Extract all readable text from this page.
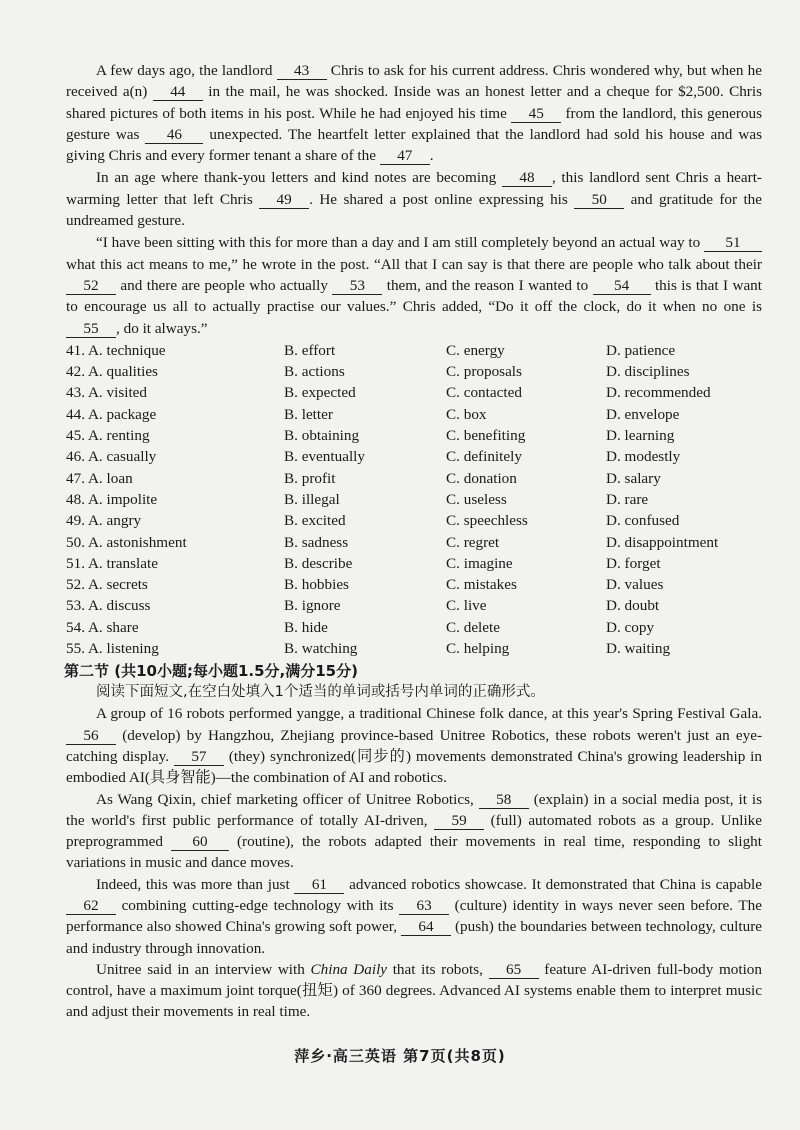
A few days ago, the landlord 43 Chris to ask for his current address. Chris wondered why, but when he received a(n) 44 in the mail, he was shocked. Inside was an honest letter and a cheque for $2,500. Chris shared pictures of both items in his post. While he had enjoyed his time 45 from the landlord, this generous gesture was 46 unexpected. The heartfelt letter explained that the landlord had sold his house and was giving Chris and every former tenant a share of the 47 .

In an age where thank-you letters and kind notes are becoming 48 , this landlord sent Chris a heart-warming letter that left Chris 49 . He shared a post online expressing his 50 and gratitude for the undreamed gesture.

“I have been sitting with this for more than a day and I am still completely beyond an actual way to 51 what this act means to me,” he wrote in the post. “All that I can say is that there are people who talk about their 52 and there are people who actually 53 them, and the reason I wanted to 54 this is that I want to encourage us all to actually practise our values.” Chris added, “Do it off the clock, do it when no one is 55 , do it always.”

41. A. technique	B. effort	C. energy	D. patience
42. A. qualities	B. actions	C. proposals	D. disciplines
43. A. visited	B. expected	C. contacted	D. recommended
44. A. package	B. letter	C. box	D. envelope
45. A. renting	B. obtaining	C. benefiting	D. learning
46. A. casually	B. eventually	C. definitely	D. modestly
47. A. loan	B. profit	C. donation	D. salary
48. A. impolite	B. illegal	C. useless	D. rare
49. A. angry	B. excited	C. speechless	D. confused
50. A. astonishment	B. sadness	C. regret	D. disappointment
51. A. translate	B. describe	C. imagine	D. forget
52. A. secrets	B. hobbies	C. mistakes	D. values
53. A. discuss	B. ignore	C. live	D. doubt
54. A. share	B. hide	C. delete	D. copy
55. A. listening	B. watching	C. helping	D. waiting
第二节 (共10小题;每小题1.5分,满分15分)
阅读下面短文,在空白处填入1个适当的单词或括号内单词的正确形式。

A group of 16 robots performed yangge, a traditional Chinese folk dance, at this year's Spring Festival Gala. 56 (develop) by Hangzhou, Zhejiang province-based Unitree Robotics, these robots weren't just an eye-catching display. 57 (they) synchronized(同步的) movements demonstrated China's growing leadership in embodied AI(具身智能)—the combination of AI and robotics.

As Wang Qixin, chief marketing officer of Unitree Robotics, 58 (explain) in a social media post, it is the world's first public performance of totally AI-driven, 59 (full) automated robots as a group. Unlike preprogrammed 60 (routine), the robots adapted their movements in real time, responding to slight variations in music and dance moves.

Indeed, this was more than just 61 advanced robotics showcase. It demonstrated that China is capable 62 combining cutting-edge technology with its 63 (culture) identity in ways never seen before. The performance also showed China's growing soft power, 64 (push) the boundaries between technology, culture and industry through innovation.

Unitree said in an interview with China Daily that its robots, 65 feature AI-driven full-body motion control, have a maximum joint torque(扭矩) of 360 degrees. Advanced AI systems enable them to interpret music and adjust their movements in real time.

萍乡·高三英语 第7页(共8页)
